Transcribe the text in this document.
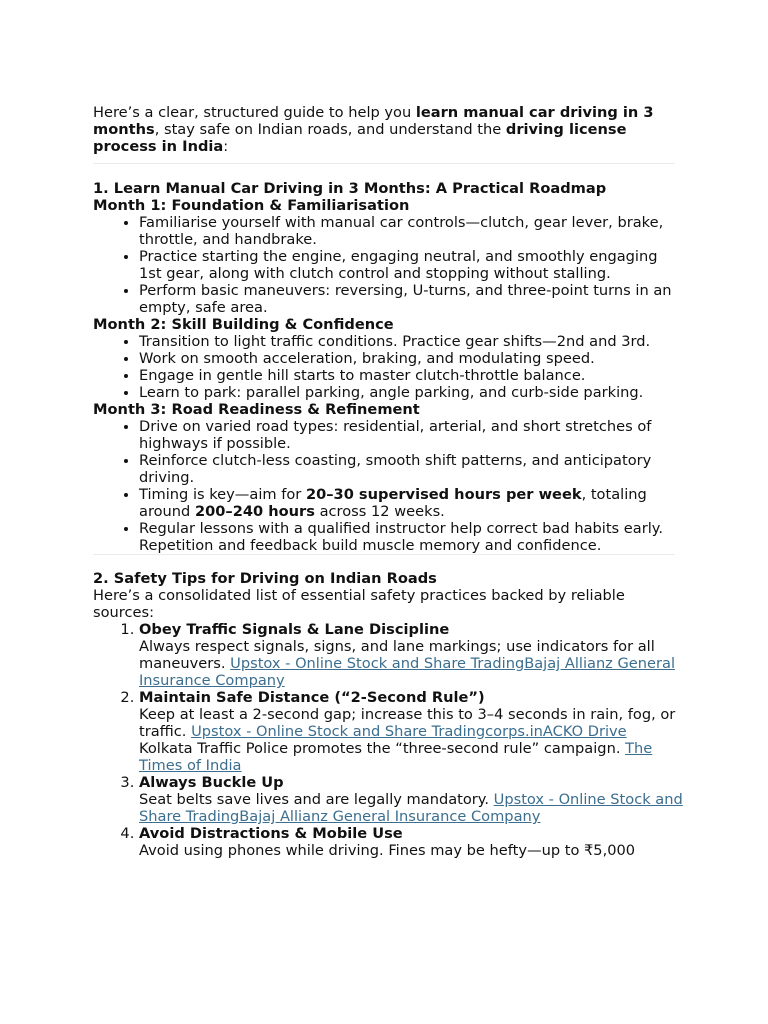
Here’s a clear, structured guide to help you learn manual car driving in 3 months, stay safe on Indian roads, and understand the driving license process in India:

1. Learn Manual Car Driving in 3 Months: A Practical Roadmap
Month 1: Foundation & Familiarisation
• Familiarise yourself with manual car controls—clutch, gear lever, brake, throttle, and handbrake.
• Practice starting the engine, engaging neutral, and smoothly engaging 1st gear, along with clutch control and stopping without stalling.
• Perform basic maneuvers: reversing, U-turns, and three-point turns in an empty, safe area.
Month 2: Skill Building & Confidence
• Transition to light traffic conditions. Practice gear shifts—2nd and 3rd.
• Work on smooth acceleration, braking, and modulating speed.
• Engage in gentle hill starts to master clutch-throttle balance.
• Learn to park: parallel parking, angle parking, and curb-side parking.
Month 3: Road Readiness & Refinement
• Drive on varied road types: residential, arterial, and short stretches of highways if possible.
• Reinforce clutch-less coasting, smooth shift patterns, and anticipatory driving.
• Timing is key—aim for 20–30 supervised hours per week, totaling around 200–240 hours across 12 weeks.
• Regular lessons with a qualified instructor help correct bad habits early. Repetition and feedback build muscle memory and confidence.
2. Safety Tips for Driving on Indian Roads

Here’s a consolidated list of essential safety practices backed by reliable sources:

1. Obey Traffic Signals & Lane Discipline
Always respect signals, signs, and lane markings; use indicators for all maneuvers. Upstox - Online Stock and Share TradingBajaj Allianz General Insurance Company
2. Maintain Safe Distance (“2-Second Rule”)
Keep at least a 2-second gap; increase this to 3–4 seconds in rain, fog, or traffic. Upstox - Online Stock and Share Tradingcorps.inACKO Drive
Kolkata Traffic Police promotes the “three-second rule” campaign. The Times of India
3. Always Buckle Up
Seat belts save lives and are legally mandatory. Upstox - Online Stock and Share TradingBajaj Allianz General Insurance Company
4. Avoid Distractions & Mobile Use
Avoid using phones while driving. Fines may be hefty—up to ₹5,000
